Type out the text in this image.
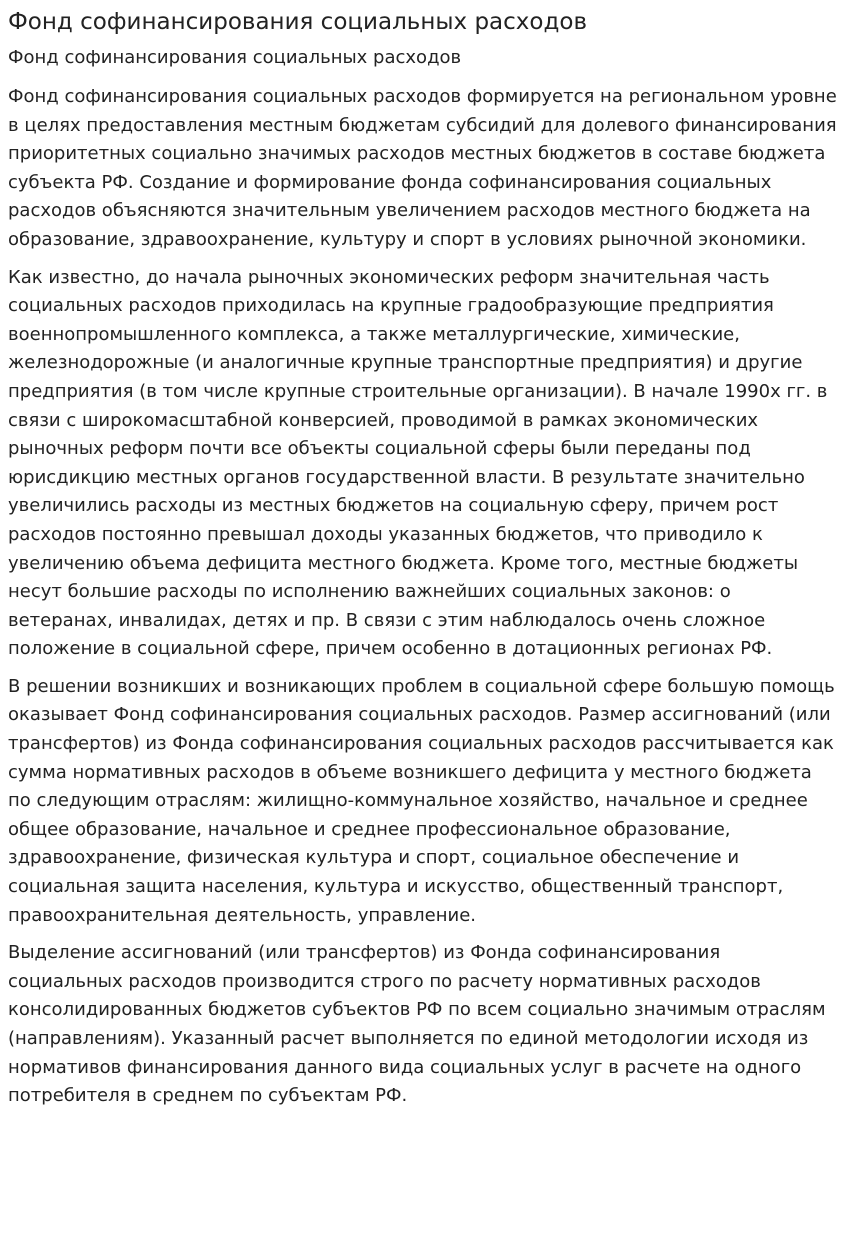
Фонд софинансирования социальных расходов
Фонд софинансирования социальных расходов

Фонд софинансирования социальных расходов формируется на региональном уровне в целях предоставления местным бюджетам субсидий для долевого финансирования приоритетных социально значимых расходов местных бюджетов в составе бюджета субъекта РФ. Создание и формирование фонда софинансирования социальных расходов объясняются значительным увеличением расходов местного бюджета на образование, здравоохранение, культуру и спорт в условиях рыночной экономики.

Как известно, до начала рыночных экономических реформ значительная часть социальных расходов приходилась на крупные градообразующие предприятия военнопромышленного комплекса, а также металлургические, химические, железнодорожные (и аналогичные крупные транспортные предприятия) и другие предприятия (в том числе крупные строительные организации). В начале 1990х гг. в связи с широкомасштабной конверсией, проводимой в рамках экономических рыночных реформ почти все объекты социальной сферы были переданы под юрисдикцию местных органов государственной власти. В результате значительно увеличились расходы из местных бюджетов на социальную сферу, причем рост расходов постоянно превышал доходы указанных бюджетов, что приводило к увеличению объема дефицита местного бюджета. Кроме того, местные бюджеты несут большие расходы по исполнению важнейших социальных законов: о ветеранах, инвалидах, детях и пр. В связи с этим наблюдалось очень сложное положение в социальной сфере, причем особенно в дотационных регионах РФ.

В решении возникших и возникающих проблем в социальной сфере большую помощь оказывает Фонд софинансирования социальных расходов. Размер ассигнований (или трансфертов) из Фонда софинансирования социальных расходов рассчитывается как сумма нормативных расходов в объеме возникшего дефицита у местного бюджета по следующим отраслям: жилищно-коммунальное хозяйство, начальное и среднее общее образование, начальное и среднее профессиональное образование, здравоохранение, физическая культура и спорт, социальное обеспечение и социальная защита населения, культура и искусство, общественный транспорт, правоохранительная деятельность, управление.

Выделение ассигнований (или трансфертов) из Фонда софинансирования социальных расходов производится строго по расчету нормативных расходов консолидированных бюджетов субъектов РФ по всем социально значимым отраслям (направлениям). Указанный расчет выполняется по единой методологии исходя из нормативов финансирования данного вида социальных услуг в расчете на одного потребителя в среднем по субъектам РФ.
